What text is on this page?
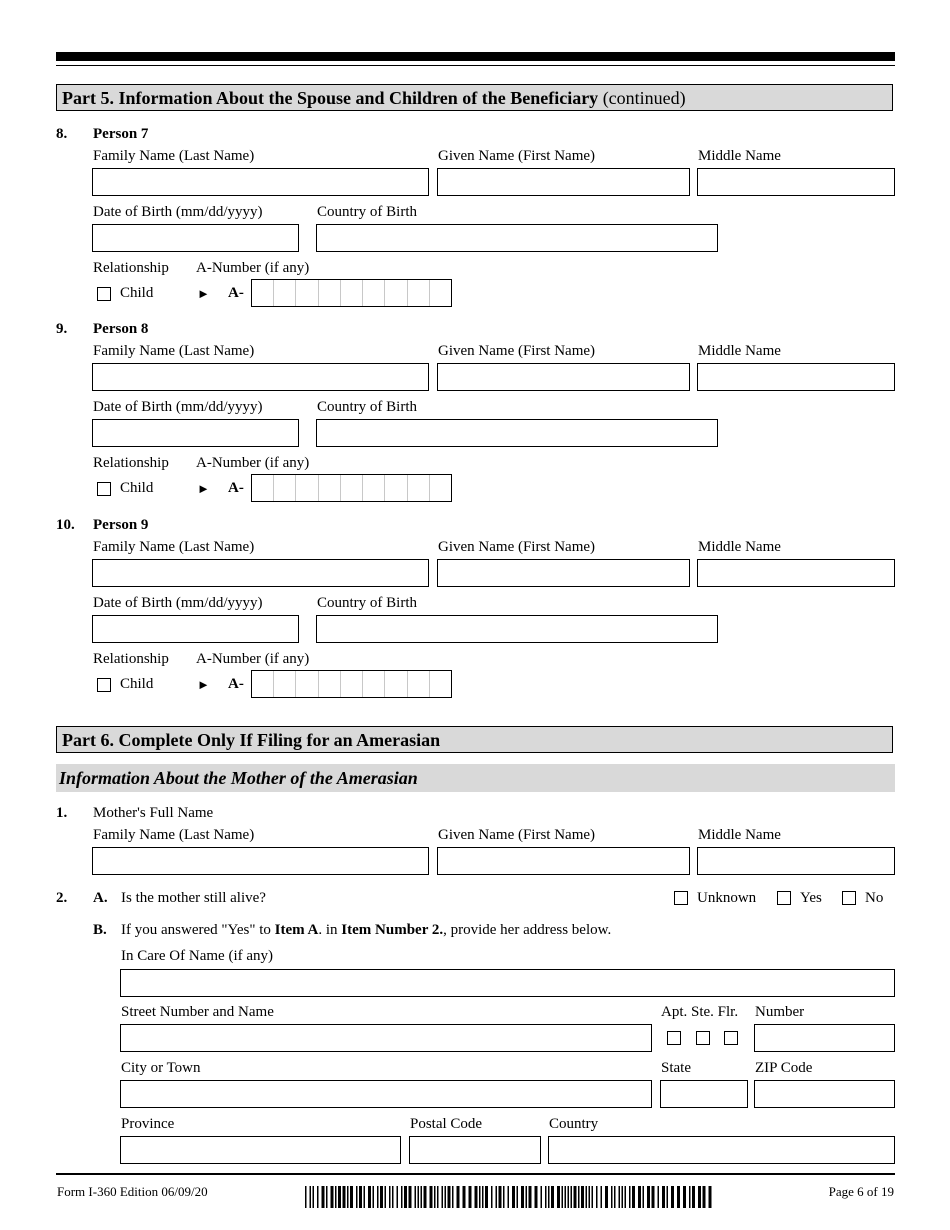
Part 5. Information About the Spouse and Children of the Beneficiary (continued)
8. Person 7
Family Name (Last Name)	Given Name (First Name)	Middle Name
Date of Birth (mm/dd/yyyy)	Country of Birth
Relationship A-Number (if any)
Child	► A-
9. Person 8
Family Name (Last Name)	Given Name (First Name)	Middle Name
Date of Birth (mm/dd/yyyy)	Country of Birth
Relationship A-Number (if any)
Child	► A-
10. Person 9
Family Name (Last Name)	Given Name (First Name)	Middle Name
Date of Birth (mm/dd/yyyy)	Country of Birth
Relationship A-Number (if any)
Child	► A-
Part 6. Complete Only If Filing for an Amerasian
Information About the Mother of the Amerasian
1. Mother's Full Name
Family Name (Last Name)	Given Name (First Name)	Middle Name
2. A. Is the mother still alive?	Unknown	Yes	No
B. If you answered "Yes" to Item A. in Item Number 2., provide her address below.
In Care Of Name (if any)
Street Number and Name	Apt. Ste. Flr. Number
City or Town	State	ZIP Code
Province	Postal Code	Country
Form I-360 Edition 06/09/20	Page 6 of 19
